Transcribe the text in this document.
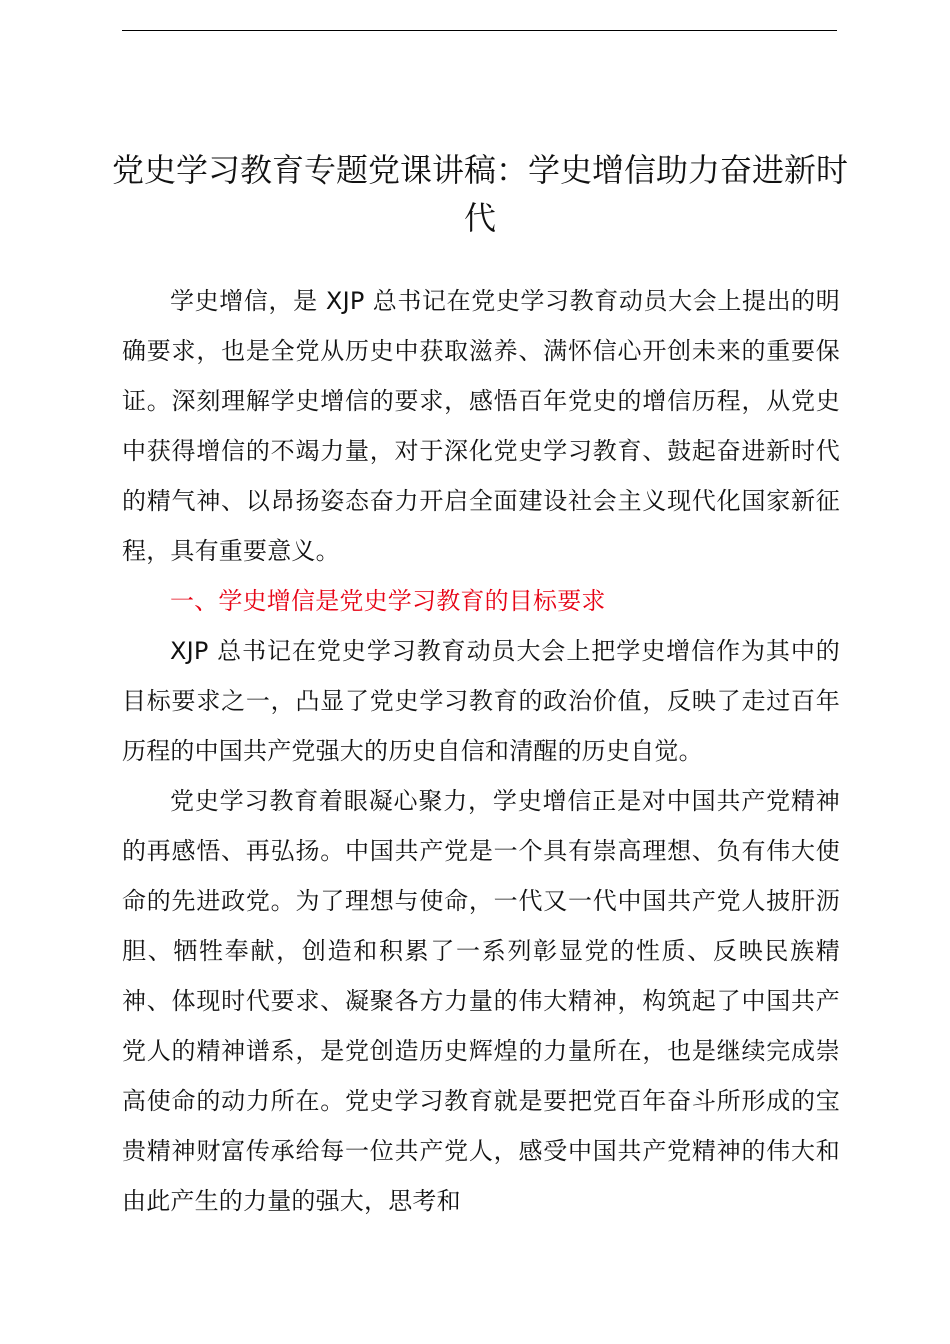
党史学习教育专题党课讲稿：学史增信助力奋进新时代

学史增信，是 XJP 总书记在党史学习教育动员大会上提出的明确要求，也是全党从历史中获取滋养、满怀信心开创未来的重要保证。深刻理解学史增信的要求，感悟百年党史的增信历程，从党史中获得增信的不竭力量，对于深化党史学习教育、鼓起奋进新时代的精气神、以昂扬姿态奋力开启全面建设社会主义现代化国家新征程，具有重要意义。

一、学史增信是党史学习教育的目标要求

XJP 总书记在党史学习教育动员大会上把学史增信作为其中的目标要求之一，凸显了党史学习教育的政治价值，反映了走过百年历程的中国共产党强大的历史自信和清醒的历史自觉。

党史学习教育着眼凝心聚力，学史增信正是对中国共产党精神的再感悟、再弘扬。中国共产党是一个具有崇高理想、负有伟大使命的先进政党。为了理想与使命，一代又一代中国共产党人披肝沥胆、牺牲奉献，创造和积累了一系列彰显党的性质、反映民族精神、体现时代要求、凝聚各方力量的伟大精神，构筑起了中国共产党人的精神谱系，是党创造历史辉煌的力量所在，也是继续完成崇高使命的动力所在。党史学习教育就是要把党百年奋斗所形成的宝贵精神财富传承给每一位共产党人，感受中国共产党精神的伟大和由此产生的力量的强大，思考和
